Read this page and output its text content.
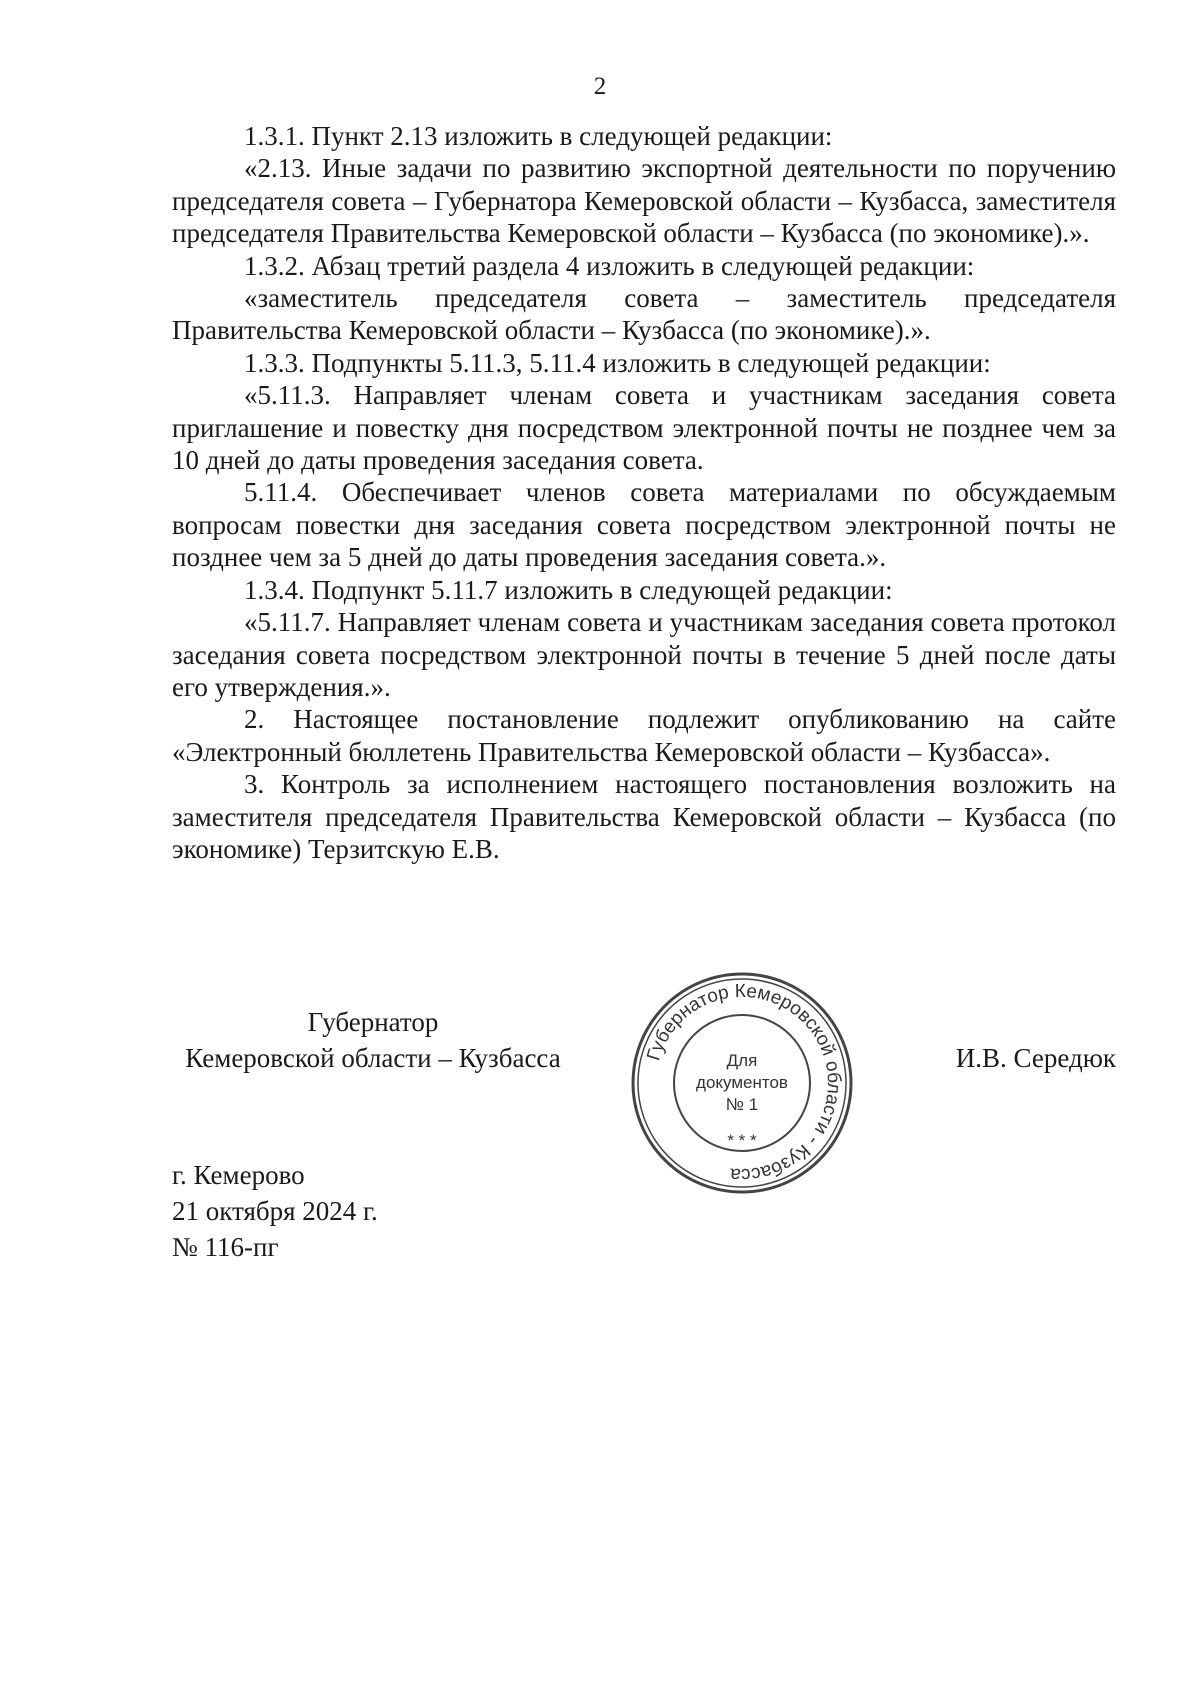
2

1.3.1. Пункт 2.13 изложить в следующей редакции:

«2.13. Иные задачи по развитию экспортной деятельности по поручению председателя совета – Губернатора Кемеровской области – Кузбасса, заместителя председателя Правительства Кемеровской области – Кузбасса (по экономике).».

1.3.2. Абзац третий раздела 4 изложить в следующей редакции:

«заместитель председателя совета – заместитель председателя Правительства Кемеровской области – Кузбасса (по экономике).».

1.3.3. Подпункты 5.11.3, 5.11.4 изложить в следующей редакции:

«5.11.3. Направляет членам совета и участникам заседания совета приглашение и повестку дня посредством электронной почты не позднее чем за 10 дней до даты проведения заседания совета.

5.11.4. Обеспечивает членов совета материалами по обсуждаемым вопросам повестки дня заседания совета посредством электронной почты не позднее чем за 5 дней до даты проведения заседания совета.».

1.3.4. Подпункт 5.11.7 изложить в следующей редакции:

«5.11.7. Направляет членам совета и участникам заседания совета протокол заседания совета посредством электронной почты в течение 5 дней после даты его утверждения.».

2. Настоящее постановление подлежит опубликованию на сайте «Электронный бюллетень Правительства Кемеровской области – Кузбасса».

3. Контроль за исполнением настоящего постановления возложить на заместителя председателя Правительства Кемеровской области – Кузбасса (по экономике) Терзитскую Е.В.

Губернатор
Кемеровской области – Кузбасса	Губернатор Кемеровской области - Кузбасса
Для
документов
№ 1
* * *
И.В. Середюк
г. Кемерово
21 октября 2024 г.
№ 116-пг
